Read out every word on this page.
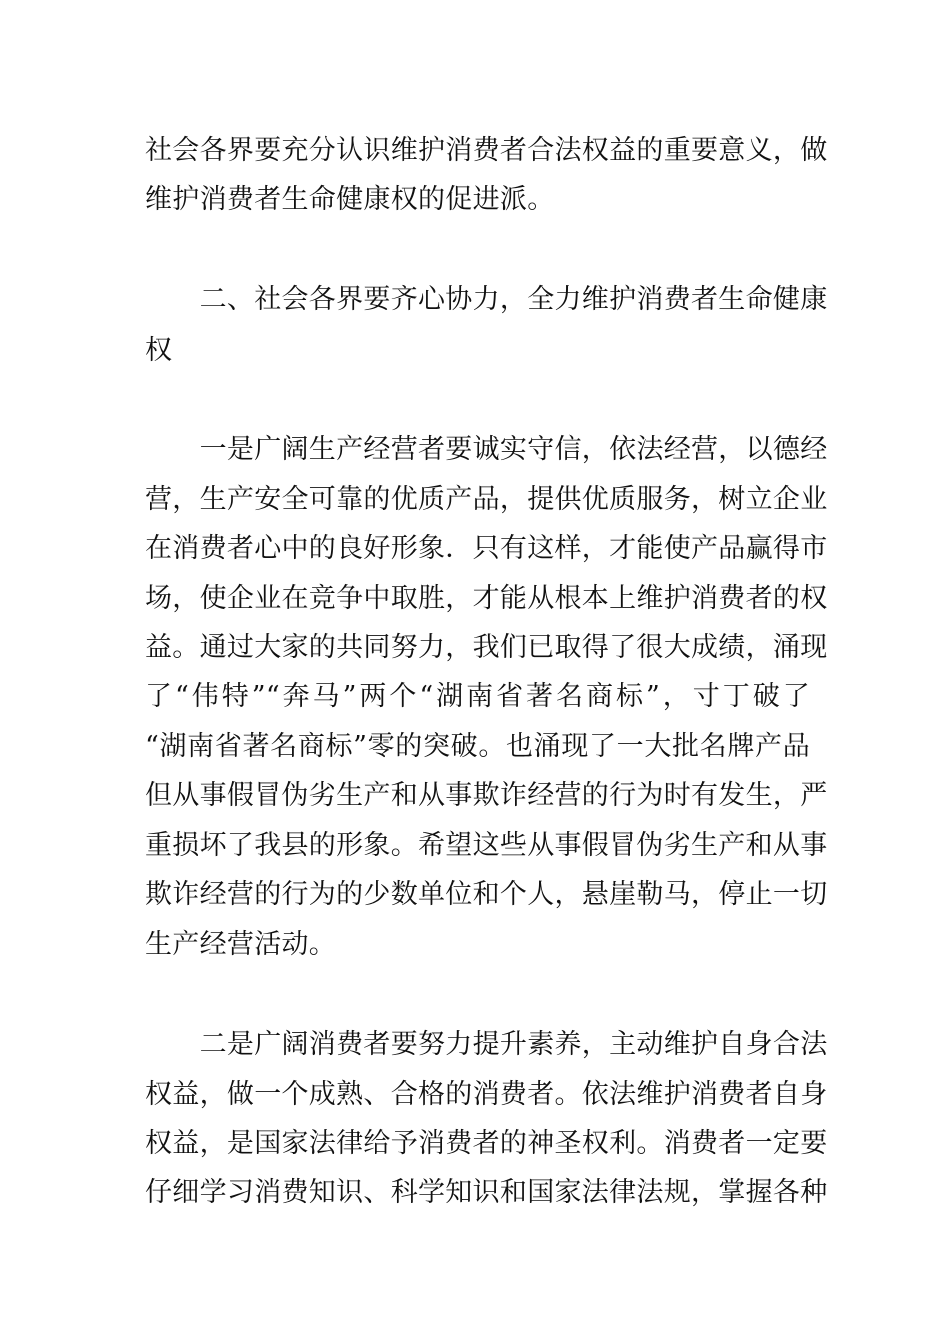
社会各界要充分认识维护消费者合法权益的重要意义，做
维护消费者生命健康权的促进派。
　　二、社会各界要齐心协力，全力维护消费者生命健康
权
　　一是广阔生产经营者要诚实守信，依法经营，以德经
营，生产安全可靠的优质产品，提供优质服务，树立企业
在消费者心中的良好形象．只有这样，才能使产品赢得市
场，使企业在竞争中取胜，才能从根本上维护消费者的权
益。通过大家的共同努力，我们已取得了很大成绩，涌现
了“伟特”“奔马”两个“湖南省著名商标”，寸丁破了
“湖南省著名商标”零的突破。也涌现了一大批名牌产品
但从事假冒伪劣生产和从事欺诈经营的行为时有发生，严
重损坏了我县的形象。希望这些从事假冒伪劣生产和从事
欺诈经营的行为的少数单位和个人，悬崖勒马，停止一切
生产经营活动。
　　二是广阔消费者要努力提升素养，主动维护自身合法
权益，做一个成熟、合格的消费者。依法维护消费者自身
权益，是国家法律给予消费者的神圣权利。消费者一定要
仔细学习消费知识、科学知识和国家法律法规，掌握各种
